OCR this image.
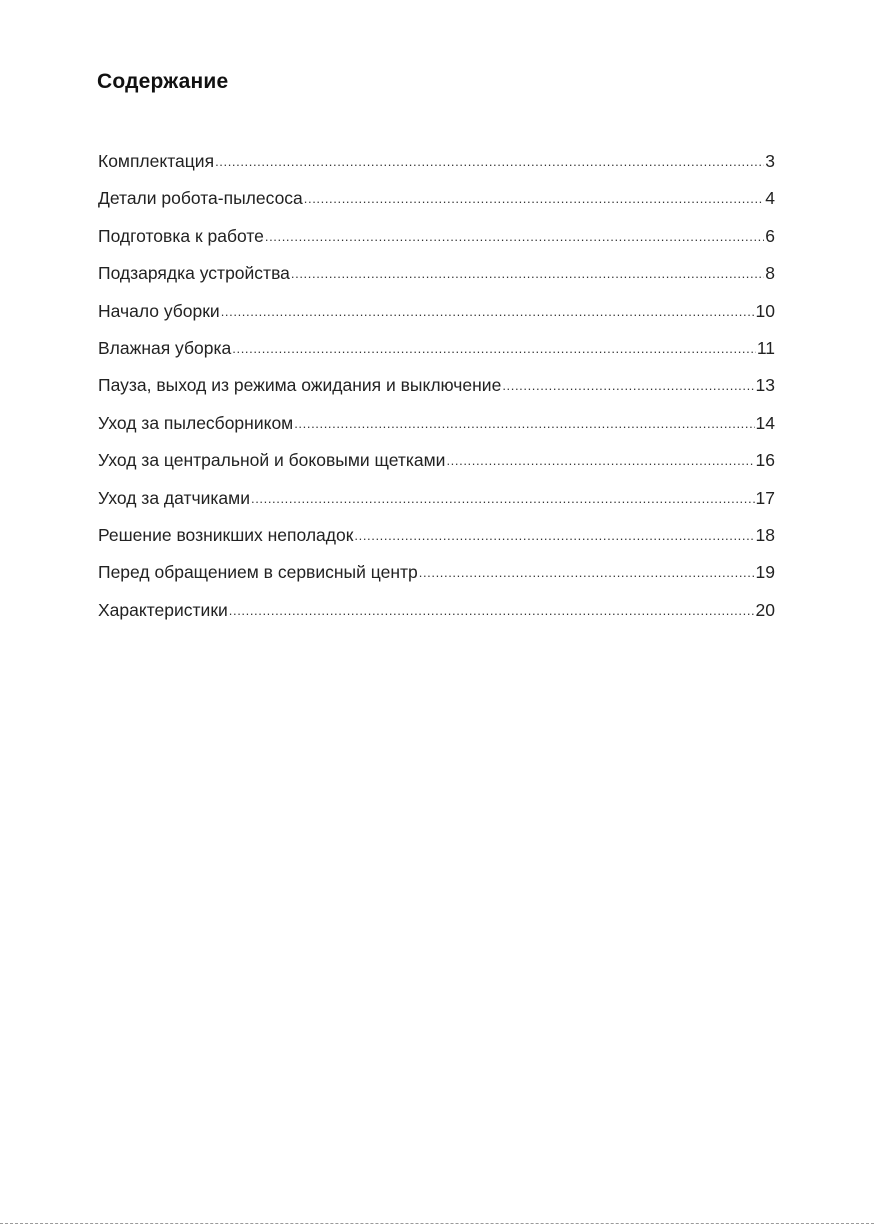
Содержание
Комплектация .....	3
Детали робота-пылесоса .....	4
Подготовка к работе .....	6
Подзарядка устройства .....	8
Начало уборки .....	10
Влажная уборка .....	11
Пауза, выход из режима ожидания и выключение .....	13
Уход за пылесборником .....	14
Уход за центральной и боковыми щетками .....	16
Уход за датчиками .....	17
Решение возникших неполадок .....	18
Перед обращением в сервисный центр .....	19
Характеристики .....	20
